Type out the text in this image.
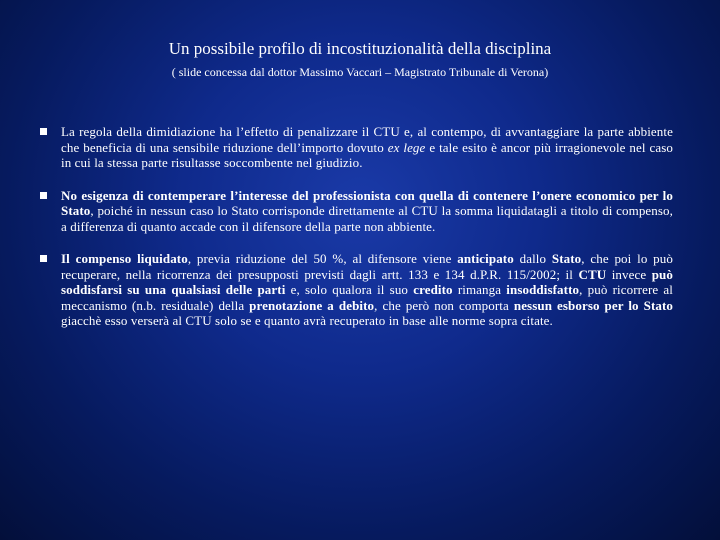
Un possibile profilo di incostituzionalità della disciplina
( slide concessa dal dottor Massimo Vaccari – Magistrato Tribunale di Verona)
La regola della dimidiazione ha l’effetto di penalizzare il CTU e, al contempo, di avvantaggiare la parte abbiente che beneficia di una sensibile riduzione dell’importo dovuto ex lege e tale esito è ancor più irragionevole nel caso in cui la stessa parte risultasse soccombente nel giudizio.
No esigenza di contemperare l’interesse del professionista con quella di contenere l’onere economico per lo Stato, poiché in nessun caso lo Stato corrisponde direttamente al CTU la somma liquidatagli a titolo di compenso, a differenza di quanto accade con il difensore della parte non abbiente.
Il compenso liquidato, previa riduzione del 50 %, al difensore viene anticipato dallo Stato, che poi lo può recuperare, nella ricorrenza dei presupposti previsti dagli artt. 133 e 134 d.P.R. 115/2002; il CTU invece può soddisfarsi su una qualsiasi delle parti e, solo qualora il suo credito rimanga insoddisfatto, può ricorrere al meccanismo (n.b. residuale) della prenotazione a debito, che però non comporta nessun esborso per lo Stato giacchè esso verserà al CTU solo se e quanto avrà recuperato in base alle norme sopra citate.
